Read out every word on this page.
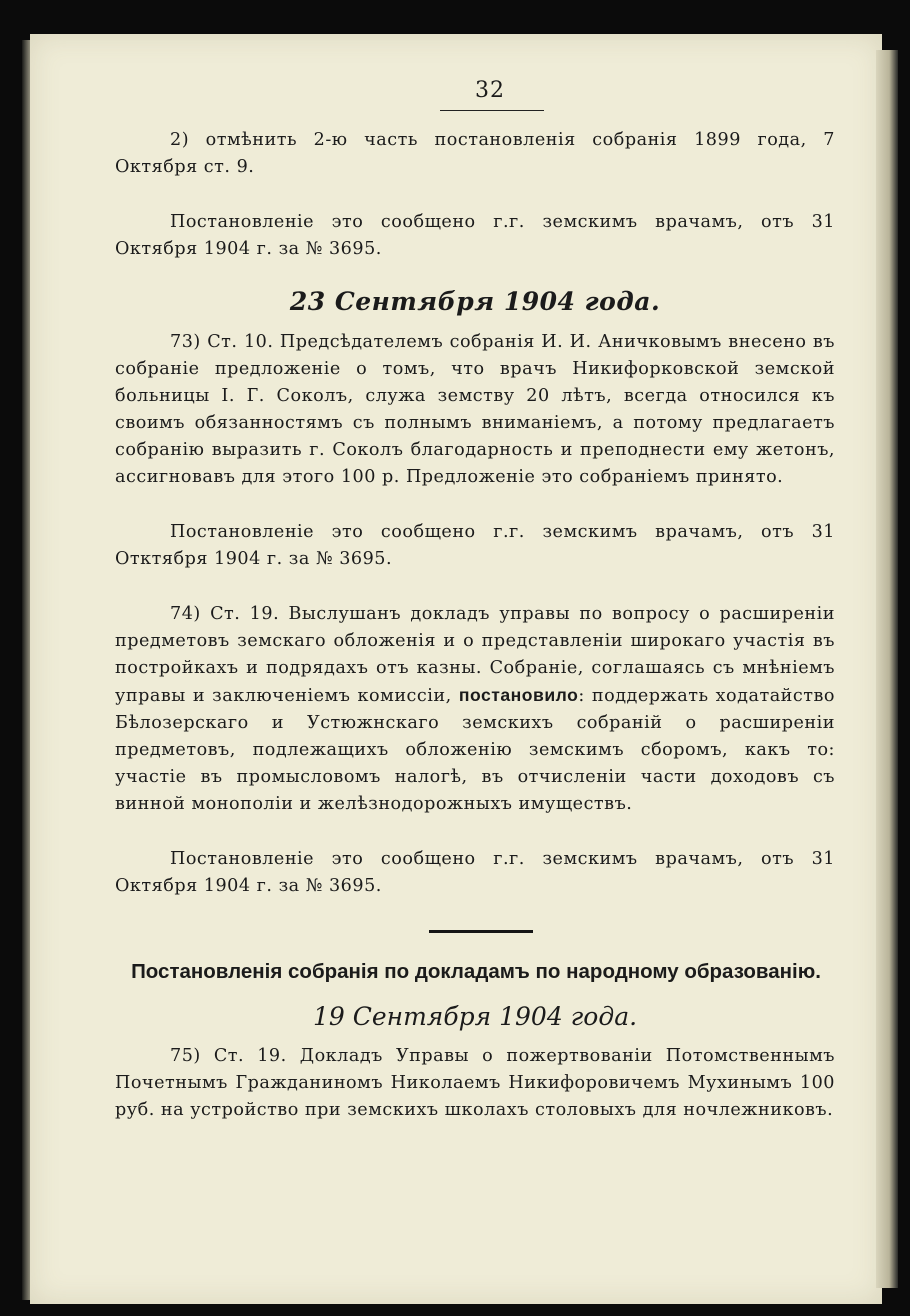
32

2) отмѣнить 2-ю часть постановленія собранія 1899 года, 7 Октября ст. 9.

Постановленіе это сообщено г.г. земскимъ врачамъ, отъ 31 Октября 1904 г. за № 3695.

23 Сентября 1904 года.

73) Ст. 10. Предсѣдателемъ собранія И. И. Аничковымъ внесено въ собраніе предложеніе о томъ, что врачъ Никифорковской земской больницы I. Г. Соколъ, служа земству 20 лѣтъ, всегда относился къ своимъ обязанностямъ съ полнымъ вниманіемъ, а потому предлагаетъ собранію выразить г. Соколъ благодарность и преподнести ему жетонъ, ассигновавъ для этого 100 р. Предложеніе это собраніемъ принято.

Постановленіе это сообщено г.г. земскимъ врачамъ, отъ 31 Отктября 1904 г. за № 3695.

74) Ст. 19. Выслушанъ докладъ управы по вопросу о расширеніи предметовъ земскаго обложенія и о представленіи широкаго участія въ постройкахъ и подрядахъ отъ казны. Собраніе, соглашаясь съ мнѣніемъ управы и заключеніемъ комиссіи, постановило: поддержать ходатайство Бѣлозерскаго и Устюжнскаго земскихъ собраній о расширеніи предметовъ, подлежащихъ обложенію земскимъ сборомъ, какъ то: участіе въ промысловомъ налогѣ, въ отчисленіи части доходовъ съ винной монополіи и желѣзнодорожныхъ имуществъ.

Постановленіе это сообщено г.г. земскимъ врачамъ, отъ 31 Октября 1904 г. за № 3695.

Постановленія собранія по докладамъ по народному образованію.
19 Сентября 1904 года.

75) Ст. 19. Докладъ Управы о пожертвованіи Потомственнымъ Почетнымъ Гражданиномъ Николаемъ Никифоровичемъ Мухинымъ 100 руб. на устройство при земскихъ школахъ столовыхъ для ночлежниковъ.
